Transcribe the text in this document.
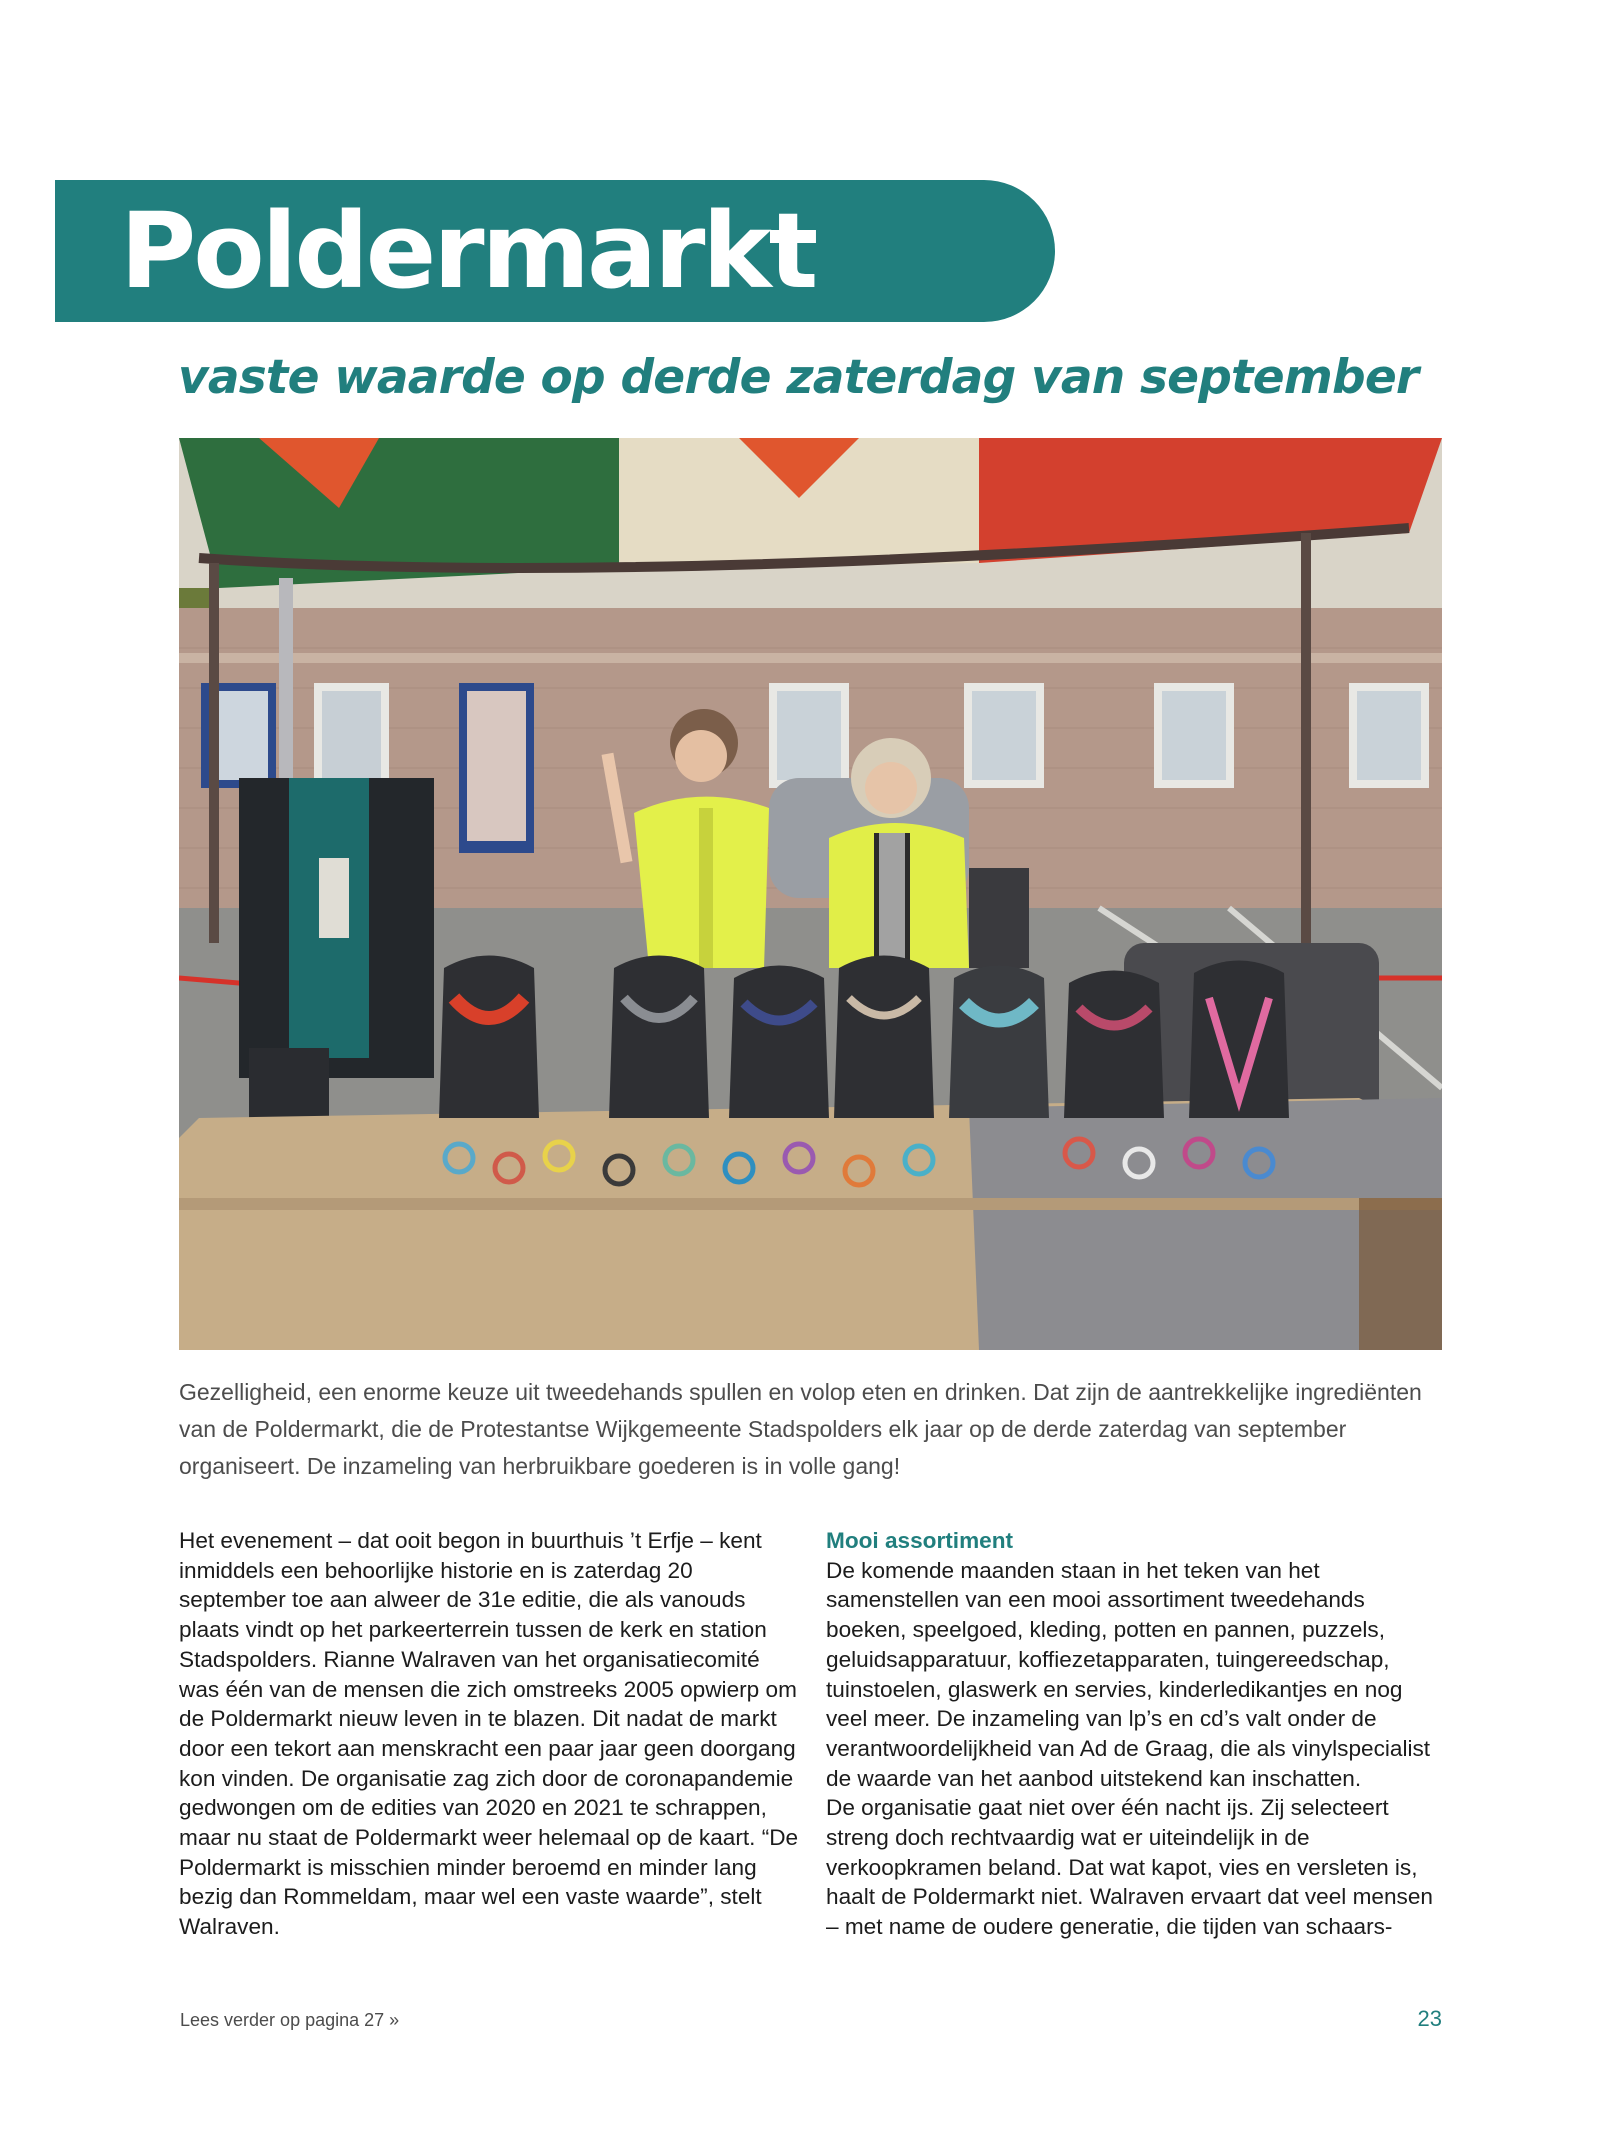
Poldermarkt
vaste waarde op derde zaterdag van september

Gezelligheid, een enorme keuze uit tweedehands spullen en volop eten en drinken. Dat zijn de aantrekkelijke ingrediënten van de Poldermarkt, die de Protestantse Wijkgemeente Stadspolders elk jaar op de derde zaterdag van september organiseert. De inzameling van herbruikbare goederen is in volle gang!

Het evenement – dat ooit begon in buurthuis ’t Erfje – kent inmiddels een behoorlijke historie en is zaterdag 20 september toe aan alweer de 31e editie, die als vanouds plaats vindt op het parkeerterrein tussen de kerk en station Stadspolders. Rianne Walraven van het organisatiecomité was één van de mensen die zich omstreeks 2005 opwierp om de Poldermarkt nieuw leven in te blazen. Dit nadat de markt door een tekort aan menskracht een paar jaar geen doorgang kon vinden. De organisatie zag zich door de coronapandemie gedwongen om de edities van 2020 en 2021 te schrappen, maar nu staat de Poldermarkt weer helemaal op de kaart. “De Poldermarkt is misschien minder beroemd en minder lang bezig dan Rommeldam, maar wel een vaste waarde”, stelt Walraven.

Mooi assortiment

De komende maanden staan in het teken van het samenstellen van een mooi assortiment tweedehands boeken, speelgoed, kleding, potten en pannen, puzzels, geluidsapparatuur, koffiezetapparaten, tuingereedschap, tuinstoelen, glaswerk en servies, kinderledikantjes en nog veel meer. De inzameling van lp’s en cd’s valt onder de verantwoordelijkheid van Ad de Graag, die als vinylspecialist de waarde van het aanbod uitstekend kan inschatten.

De organisatie gaat niet over één nacht ijs. Zij selecteert streng doch rechtvaardig wat er uiteindelijk in de verkoopkramen beland. Dat wat kapot, vies en versleten is, haalt de Poldermarkt niet. Walraven ervaart dat veel mensen – met name de oudere generatie, die tijden van schaars-

Lees verder op pagina 27 »	23
